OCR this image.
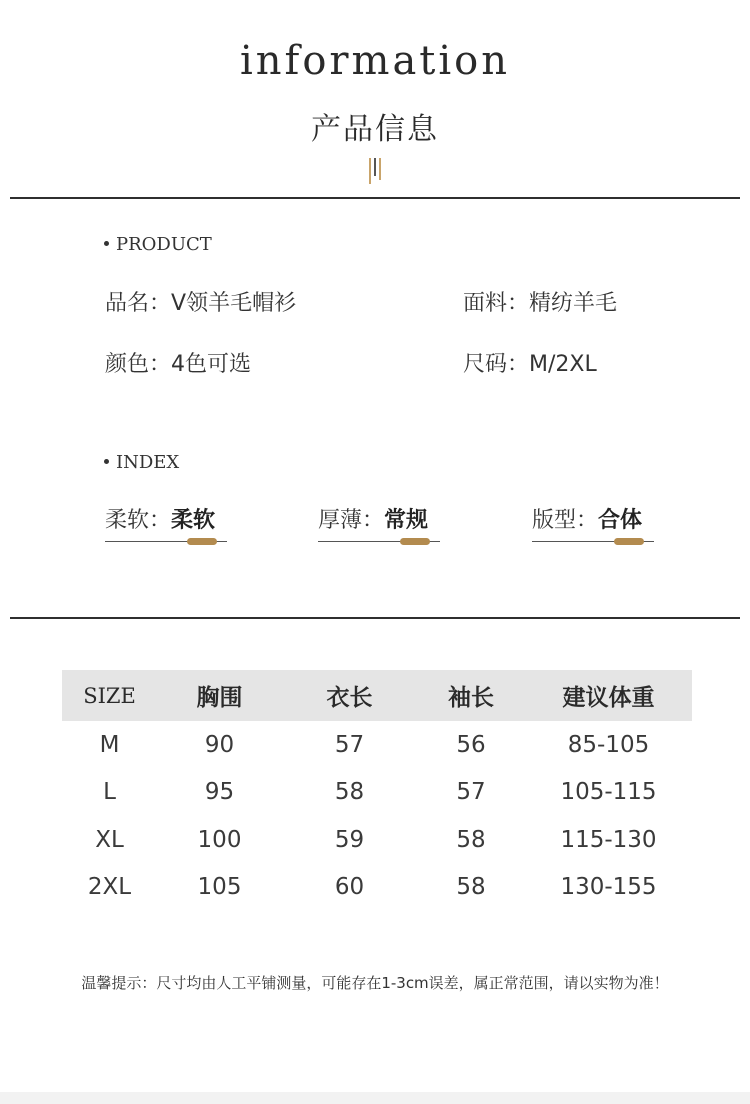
information
产品信息
PRODUCT
品名 ： V领羊毛帽衫	面料 ： 精纺羊毛
颜色 ： 4色可选	尺码 ： M/2XL
INDEX
柔软 ： 柔软	厚薄 ： 常规	版型 ： 合体
SIZE	胸围	衣长	袖长	建议体重
M	90	57	56	85-105
L	95	58	57	105-115
XL	100	59	58	115-130
2XL	105	60	58	130-155
温馨提示：尺寸均由人工平铺测量，可能存在1-3cm误差，属正常范围，请以实物为准！
